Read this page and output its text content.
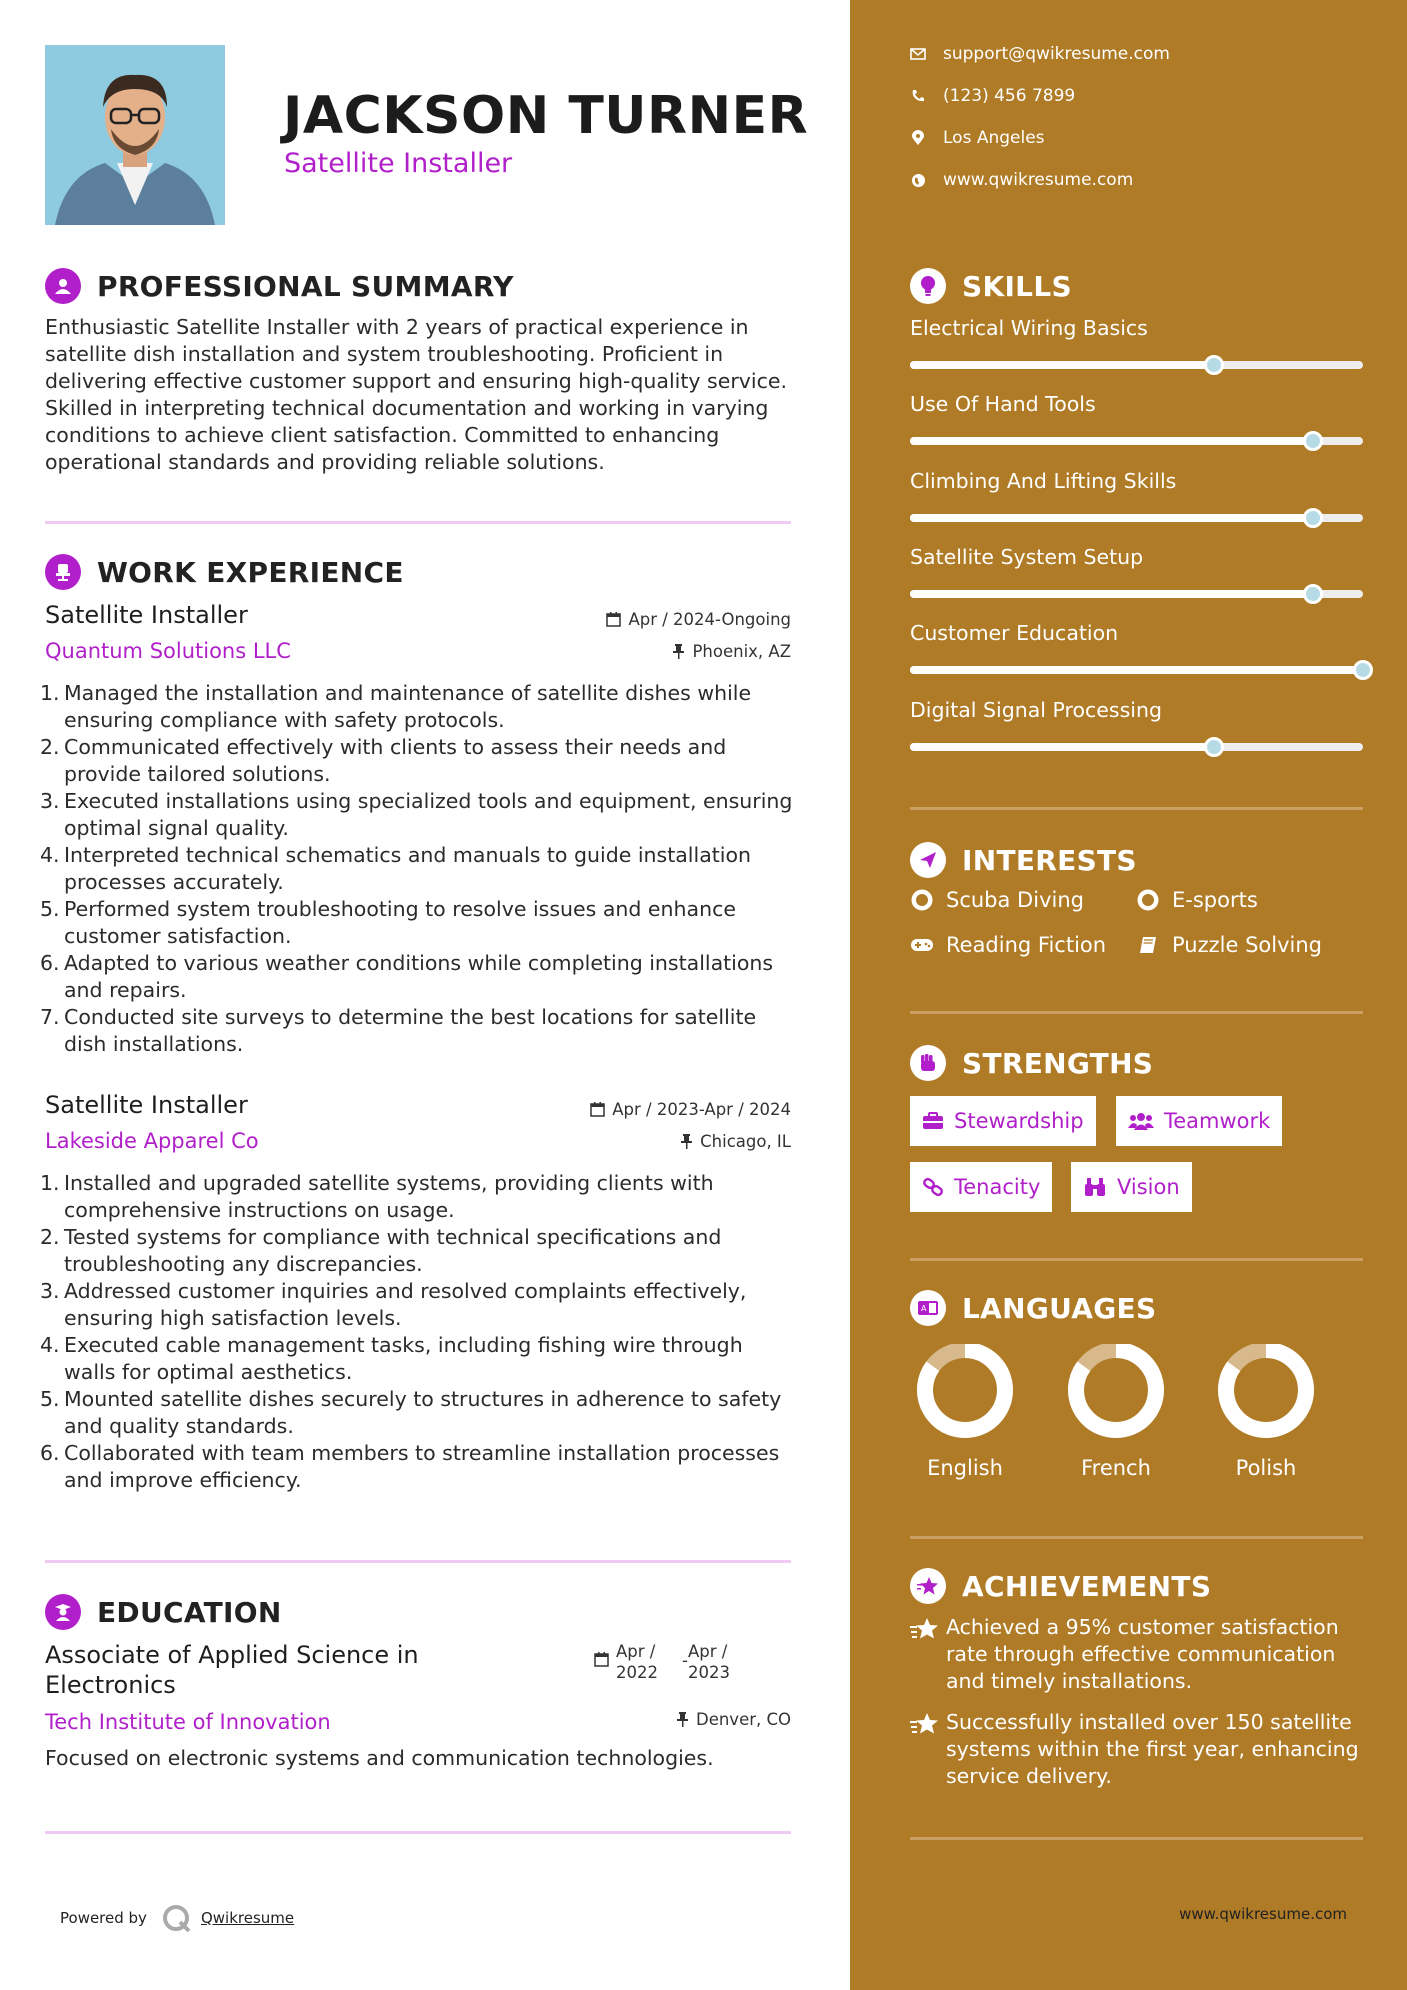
JACKSON TURNER
Satellite Installer
PROFESSIONAL SUMMARY
Enthusiastic Satellite Installer with 2 years of practical experience in satellite dish installation and system troubleshooting. Proficient in delivering effective customer support and ensuring high-quality service. Skilled in interpreting technical documentation and working in varying conditions to achieve client satisfaction. Committed to enhancing operational standards and providing reliable solutions.
WORK EXPERIENCE
Satellite Installer	Apr / 2024-Ongoing
Quantum Solutions LLC	Phoenix, AZ
1. Managed the installation and maintenance of satellite dishes while ensuring compliance with safety protocols.
2. Communicated effectively with clients to assess their needs and provide tailored solutions.
3. Executed installations using specialized tools and equipment, ensuring optimal signal quality.
4. Interpreted technical schematics and manuals to guide installation processes accurately.
5. Performed system troubleshooting to resolve issues and enhance customer satisfaction.
6. Adapted to various weather conditions while completing installations and repairs.
7. Conducted site surveys to determine the best locations for satellite dish installations.
Satellite Installer	Apr / 2023-Apr / 2024
Lakeside Apparel Co	Chicago, IL
1. Installed and upgraded satellite systems, providing clients with comprehensive instructions on usage.
2. Tested systems for compliance with technical specifications and troubleshooting any discrepancies.
3. Addressed customer inquiries and resolved complaints effectively, ensuring high satisfaction levels.
4. Executed cable management tasks, including fishing wire through walls for optimal aesthetics.
5. Mounted satellite dishes securely to structures in adherence to safety and quality standards.
6. Collaborated with team members to streamline installation processes and improve efficiency.
EDUCATION
Associate of Applied Science in Electronics
Apr / 2022
- Apr / 2023
Tech Institute of Innovation	Denver, CO
Focused on electronic systems and communication technologies.
Powered by	Qwikresume
support@qwikresume.com
(123) 456 7899
Los Angeles
www.qwikresume.com
SKILLS
Electrical Wiring Basics
Use Of Hand Tools
Climbing And Lifting Skills
Satellite System Setup
Customer Education
Digital Signal Processing
INTERESTS
Scuba Diving	E-sports
Reading Fiction	Puzzle Solving
STRENGTHS
Stewardship	Teamwork
Tenacity	Vision
A LANGUAGES
English	French	Polish
ACHIEVEMENTS
Achieved a 95% customer satisfaction rate through effective communication and timely installations.
Successfully installed over 150 satellite systems within the first year, enhancing service delivery.
www.qwikresume.com
